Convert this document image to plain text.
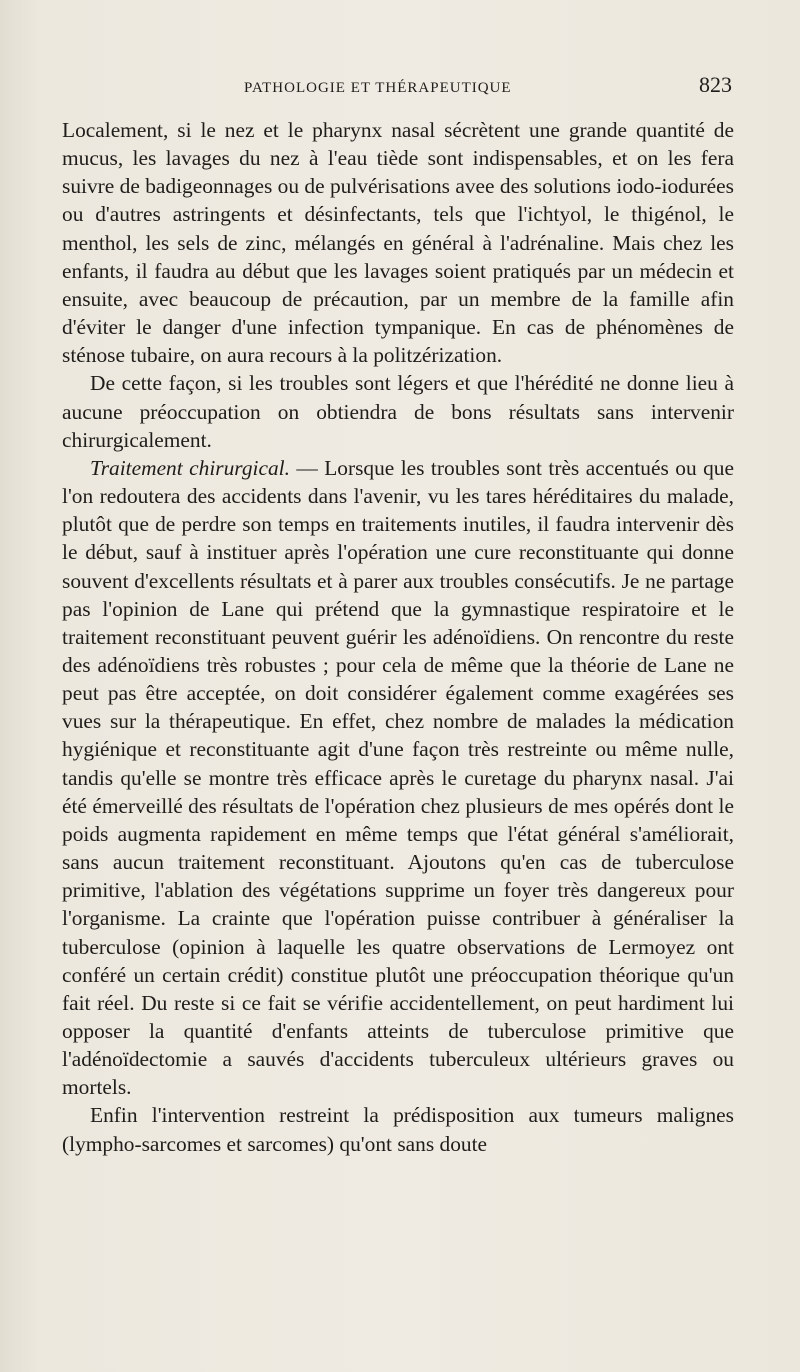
PATHOLOGIE ET THÉRAPEUTIQUE	823

Localement, si le nez et le pharynx nasal sécrètent une grande quantité de mucus, les lavages du nez à l'eau tiède sont indispensables, et on les fera suivre de badigeonnages ou de pulvérisations avee des solutions iodo-iodurées ou d'autres astringents et désinfectants, tels que l'ichtyol, le thigénol, le menthol, les sels de zinc, mélangés en général à l'adrénaline. Mais chez les enfants, il faudra au début que les lavages soient pratiqués par un médecin et ensuite, avec beaucoup de précaution, par un membre de la famille afin d'éviter le danger d'une infection tympanique. En cas de phénomènes de sténose tubaire, on aura recours à la politzérization.

De cette façon, si les troubles sont légers et que l'hérédité ne donne lieu à aucune préoccupation on obtiendra de bons résultats sans intervenir chirurgicalement.

Traitement chirurgical. — Lorsque les troubles sont très accentués ou que l'on redoutera des accidents dans l'avenir, vu les tares héréditaires du malade, plutôt que de perdre son temps en traitements inutiles, il faudra intervenir dès le début, sauf à instituer après l'opération une cure reconstituante qui donne souvent d'excellents résultats et à parer aux troubles consécutifs. Je ne partage pas l'opinion de Lane qui prétend que la gymnastique respiratoire et le traitement reconstituant peuvent guérir les adénoïdiens. On rencontre du reste des adénoïdiens très robustes ; pour cela de même que la théorie de Lane ne peut pas être acceptée, on doit considérer également comme exagérées ses vues sur la thérapeutique. En effet, chez nombre de malades la médication hygiénique et reconstituante agit d'une façon très restreinte ou même nulle, tandis qu'elle se montre très efficace après le curetage du pharynx nasal. J'ai été émerveillé des résultats de l'opération chez plusieurs de mes opérés dont le poids augmenta rapidement en même temps que l'état général s'améliorait, sans aucun traitement reconstituant. Ajoutons qu'en cas de tuberculose primitive, l'ablation des végétations supprime un foyer très dangereux pour l'organisme. La crainte que l'opération puisse contribuer à généraliser la tuberculose (opinion à laquelle les quatre observations de Lermoyez ont conféré un certain crédit) constitue plutôt une préoccupation théorique qu'un fait réel. Du reste si ce fait se vérifie accidentellement, on peut hardiment lui opposer la quantité d'enfants atteints de tuberculose primitive que l'adénoïdectomie a sauvés d'accidents tuberculeux ultérieurs graves ou mortels.

Enfin l'intervention restreint la prédisposition aux tumeurs malignes (lympho-sarcomes et sarcomes) qu'ont sans doute
